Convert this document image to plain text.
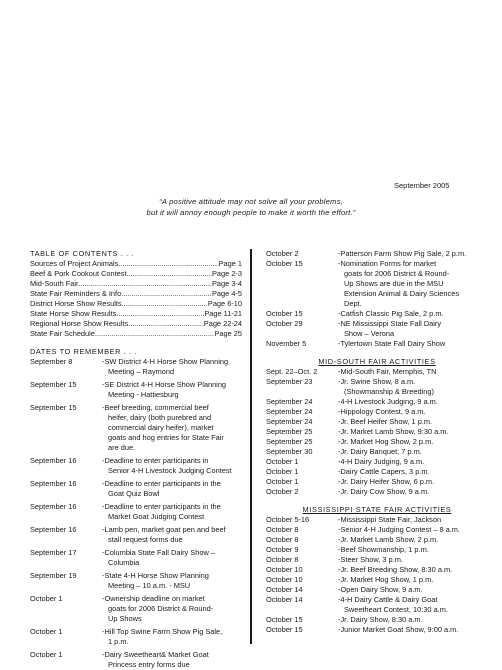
September 2005
“A positive attitude may not solve all your problems,
but it will annoy enough people to make it worth the effort.”
TABLE OF CONTENTS . . .
Sources of Project Animals .....	Page 1
Beef & Pork Cookout Contest .....	Page 2-3
Mid-South Fair .....	Page 3-4
State Fair Reminders & Info .....	Page 4-5
District Horse Show Results .....	Page 6-10
State Horse Show Results .....	Page 11-21
Regional Horse Show Results .....	Page 22-24
State Fair Schedule .....	Page 25
DATES TO REMEMBER . . .
September 8	-SW District 4-H Horse Show Planning
Meeting – Raymond
September 15	-SE District 4-H Horse Show Planning
Meeting - Hattiesburg
September 15	-Beef breeding, commercial beef
heifer, dairy (both purebred and
commercial dairy heifer), market
goats and hog entries for State Fair
are due.
September 16	-Deadline to enter participants in
Senior 4-H Livestock Judging Contest
September 16	-Deadline to enter participants in the
Goat Quiz Bowl
September 16	-Deadline to enter participants in the
Market Goat Judging Contest
September 16	-Lamb pen, market goat pen and beef
stall request forms due
September 17	-Columbia State Fall Dairy Show –
Columbia
September 19	-State 4-H Horse Show Planning
Meeting – 10 a.m. - MSU
October 1	-Ownership deadline on market
goats for 2006 District & Round-
Up Shows
October 1	-Hill Top Swine Farm Show Pig Sale,
1 p.m.
October 1	-Dairy Sweetheart& Market Goat
Princess entry forms due
October 2	-Patterson Farm Show Pig Sale, 2 p.m.
October 15	-Nomination Forms for market
goats for 2006 District & Round-
Up Shows are due in the MSU
Extension Animal & Dairy Sciences
Dept.
October 15	-Catfish Classic Pig Sale, 2 p.m.
October 29	-NE Mississippi State Fall Dairy
Show – Verona
November 5	-Tylertown State Fall Dairy Show
MID-SOUTH FAIR ACTIVITIES
Sept. 22–Oct. 2	-Mid-South Fair, Memphis, TN
September 23	-Jr. Swine Show, 8 a.m.
(Showmanship & Breeding)
September 24	-4-H Livestock Judging, 9 a.m.
September 24	-Hippology Contest, 9 a.m.
September 24	-Jr. Beef Heifer Show, 1 p.m.
September 25	-Jr. Market Lamb Show, 9:30 a.m.
September 25	-Jr. Market Hog Show, 2 p.m.
September 30	-Jr. Dairy Banquet, 7 p.m.
October 1	-4-H Dairy Judging, 9 a.m.
October 1	-Dairy Cattle Capers, 3 p.m.
October 1	-Jr. Dairy Heifer Show, 6 p.m.
October 2	-Jr. Dairy Cow Show, 9 a.m.
MISSISSIPPI STATE FAIR ACTIVITIES
October 5-16	-Mississippi State Fair, Jackson
October 8	-Senior 4-H Judging Contest – 8 a.m.
October 8	-Jr. Market Lamb Show, 2 p.m.
October 9	-Beef Showmanship, 1 p.m.
October 8	-Steer Show, 3 p.m.
October 10	-Jr. Beef Breeding Show, 8:30 a.m.
October 10	-Jr. Market Hog Show, 1 p.m.
October 14	-Open Dairy Show, 9 a.m.
October 14	-4-H Dairy Cattle & Dairy Goat
Sweetheart Contest, 10:30 a.m.
October 15	-Jr. Dairy Show, 8:30 a.m.
October 15	-Junior Market Goat Show, 9:00 a.m.
